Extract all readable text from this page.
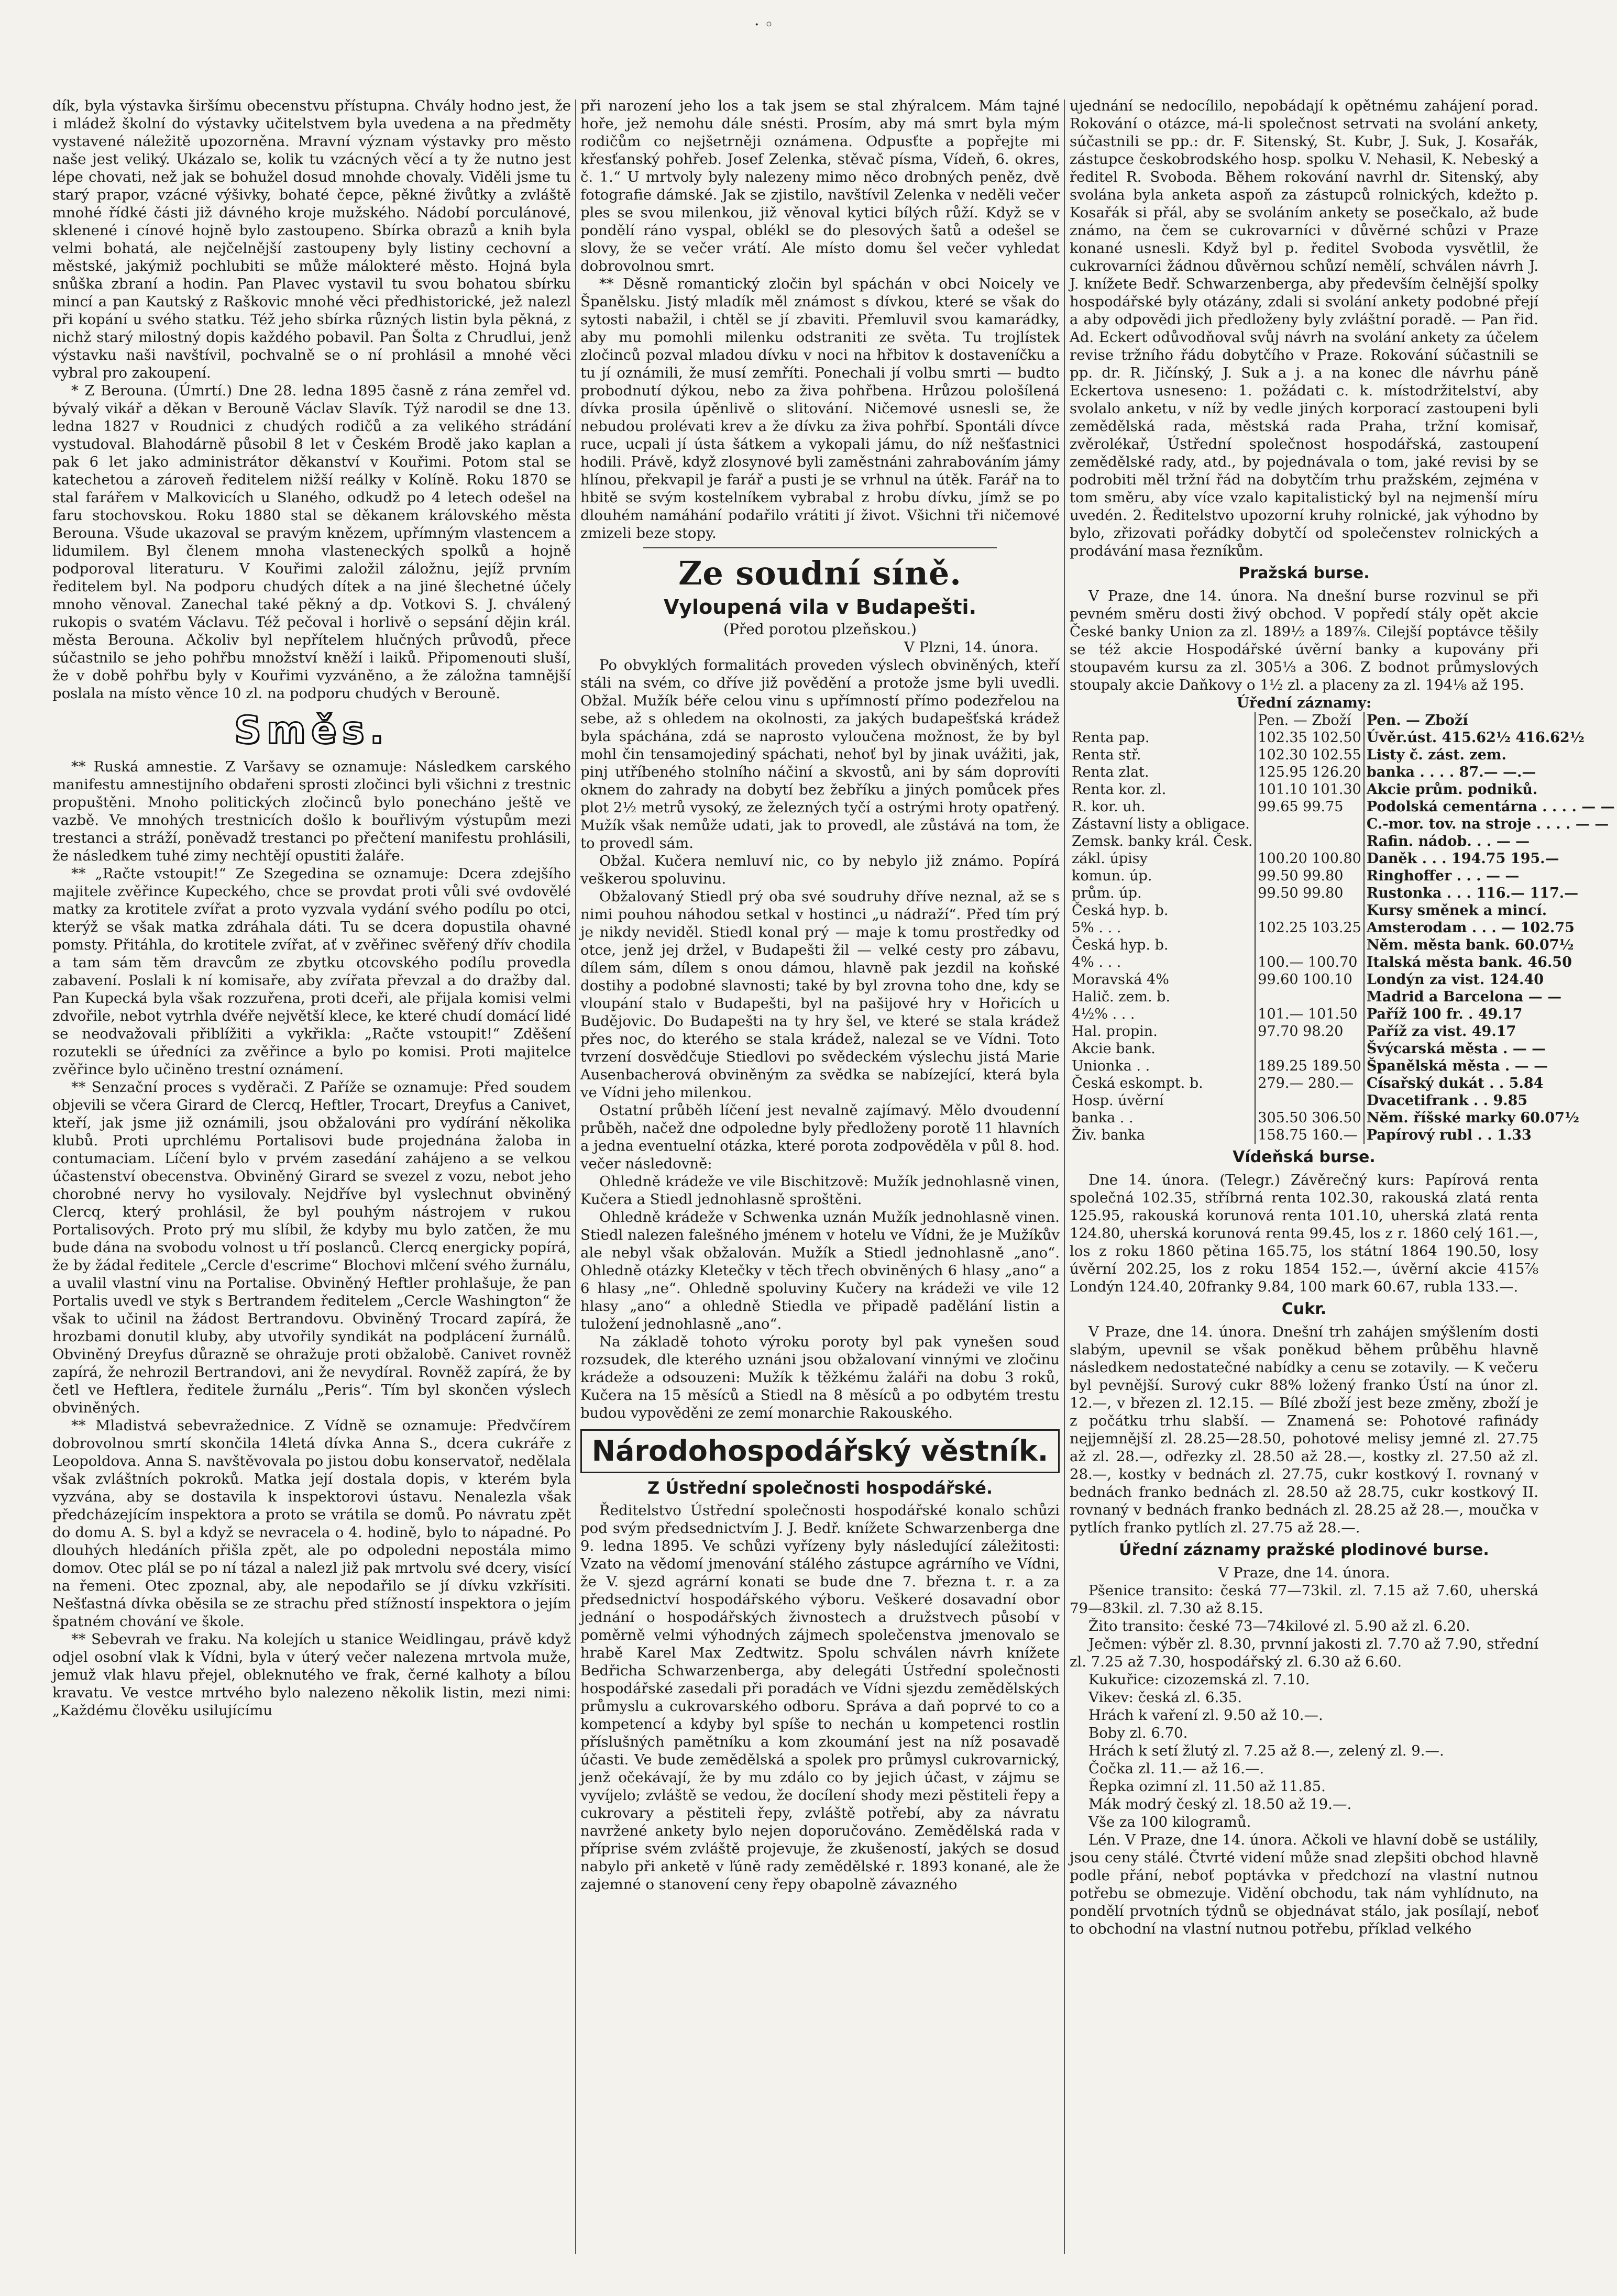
· ◦

dík, byla výstavka širšímu obecenstvu přístupna. Chvály hodno jest, že i mládež školní do výstavky učitelstvem byla uvedena a na předměty vystavené náležitě upozorněna. Mravní význam výstavky pro město naše jest veliký. Ukázalo se, kolik tu vzácných věcí a ty že nutno jest lépe chovati, než jak se bohužel dosud mnohde chovaly. Viděli jsme tu starý prapor, vzácné výšivky, bohaté čepce, pěkné živůtky a zvláště mnohé řídké části již dávného kroje mužského. Nádobí porculánové, sklenené i cínové hojně bylo zastoupeno. Sbírka obrazů a knih byla velmi bohatá, ale nejčelnější zastoupeny byly listiny cechovní a městské, jakýmiž pochlubiti se může málokteré město. Hojná byla snůška zbraní a hodin. Pan Plavec vystavil tu svou bohatou sbírku mincí a pan Kautský z Raškovic mnohé věci předhistorické, jež nalezl při kopání u svého statku. Též jeho sbírka různých listin byla pěkná, z nichž starý milostný dopis každého pobavil. Pan Šolta z Chrudlui, jenž výstavku naši navštívil, pochvalně se o ní prohlásil a mnohé věci vybral pro zakoupení.

* Z Berouna. (Úmrtí.) Dne 28. ledna 1895 časně z rána zemřel vd. bývalý vikář a děkan v Berouně Václav Slavík. Týž narodil se dne 13. ledna 1827 v Roudnici z chudých rodičů a za velikého strádání vystudoval. Blahodárně působil 8 let v Českém Brodě jako kaplan a pak 6 let jako administrátor děkanství v Kouřimi. Potom stal se katechetou a zároveň ředitelem nižší reálky v Kolíně. Roku 1870 se stal farářem v Malkovicích u Slaného, odkudž po 4 letech odešel na faru stochovskou. Roku 1880 stal se děkanem královského města Berouna. Všude ukazoval se pravým knězem, upřímným vlastencem a lidumilem. Byl členem mnoha vlasteneckých spolků a hojně podporoval literaturu. V Kouřimi založil záložnu, jejíž prvním ředitelem byl. Na podporu chudých dítek a na jiné šlechetné účely mnoho věnoval. Zanechal také pěkný a dp. Votkovi S. J. chválený rukopis o svatém Václavu. Též pečoval i horlivě o sepsání dějin král. města Berouna. Ačkoliv byl nepřítelem hlučných průvodů, přece súčastnilo se jeho pohřbu množství kněží i laiků. Připomenouti sluší, že v době pohřbu byly v Kouřimi vyzváněno, a že záložna tamnější poslala na místo věnce 10 zl. na podporu chudých v Berouně.

Směs.

** Ruská amnestie. Z Varšavy se oznamuje: Následkem carského manifestu amnestijního obdařeni sprosti zločinci byli všichni z trestnic propuštěni. Mnoho politických zločinců bylo ponecháno ještě ve vazbě. Ve mnohých trestnicích došlo k bouřlivým výstupům mezi trestanci a stráží, poněvadž trestanci po přečtení manifestu prohlásili, že následkem tuhé zimy nechtějí opustiti žaláře.

** „Račte vstoupit!“ Ze Szegedina se oznamuje: Dcera zdejšího majitele zvěřince Kupeckého, chce se provdat proti vůli své ovdovělé matky za krotitele zvířat a proto vyzvala vydání svého podílu po otci, kterýž se však matka zdráhala dáti. Tu se dcera dopustila ohavné pomsty. Přitáhla, do krotitele zvířat, ať v zvěřinec svěřený dřív chodila a tam sám těm dravcům ze zbytku otcovského podílu provedla zabavení. Poslali k ní komisaře, aby zvířata převzal a do dražby dal. Pan Kupecká byla však rozzuřena, proti dceři, ale přijala komisi velmi zdvořile, nebot vytrhla dvéře největší klece, ke které chudí domácí lidé se neodvažovali přiblížiti a vykřikla: „Račte vstoupit!“ Zděšení rozutekli se úředníci za zvěřince a bylo po komisi. Proti majitelce zvěřince bylo učiněno trestní oznámení.

** Senzační proces s vyděrači. Z Paříže se oznamuje: Před soudem objevili se včera Girard de Clercq, Heftler, Trocart, Dreyfus a Canivet, kteří, jak jsme již oznámili, jsou obžalováni pro vydírání několika klubů. Proti uprchlému Portalisovi bude projednána žaloba in contumaciam. Líčení bylo v prvém zasedání zahájeno a se velkou účastenství obecenstva. Obviněný Girard se svezel z vozu, nebot jeho chorobné nervy ho vysilovaly. Nejdříve byl vyslechnut obviněný Clercq, který prohlásil, že byl pouhým nástrojem v rukou Portalisových. Proto prý mu slíbil, že kdyby mu bylo zatčen, že mu bude dána na svobodu volnost u tří poslanců. Clercq energicky popírá, že by žádal ředitele „Cercle d'escrime“ Blochovi mlčení svého žurnálu, a uvalil vlastní vinu na Portalise. Obviněný Heftler prohlašuje, že pan Portalis uvedl ve styk s Bertrandem ředitelem „Cercle Washington“ že však to učinil na žádost Bertrandovu. Obviněný Trocard zapírá, že hrozbami donutil kluby, aby utvořily syndikát na podplácení žurnálů. Obviněný Dreyfus důrazně se ohražuje proti obžalobě. Canivet rovněž zapírá, že nehrozil Bertrandovi, ani že nevydíral. Rovněž zapírá, že by četl ve Heftlera, ředitele žurnálu „Peris“. Tím byl skončen výslech obviněných.

** Mladistvá sebevražednice. Z Vídně se oznamuje: Předvčírem dobrovolnou smrtí skončila 14letá dívka Anna S., dcera cukráře z Leopoldova. Anna S. navštěvovala po jistou dobu konservatoř, nedělala však zvláštních pokroků. Matka její dostala dopis, v kterém byla vyzvána, aby se dostavila k inspektorovi ústavu. Nenalezla však předcházejícím inspektora a proto se vrátila se domů. Po návratu zpět do domu A. S. byl a když se nevracela o 4. hodině, bylo to nápadné. Po dlouhých hledáních přišla zpět, ale po odpoledni nepostála mimo domov. Otec plál se po ní tázal a nalezl již pak mrtvolu své dcery, visící na řemeni. Otec zpoznal, aby, ale nepodařilo se jí dívku vzkřísiti. Nešťastná dívka oběsila se ze strachu před stížností inspektora o jejím špatném chování ve škole.

** Sebevrah ve fraku. Na kolejích u stanice Weidlingau, právě když odjel osobní vlak k Vídni, byla v úterý večer nalezena mrtvola muže, jemuž vlak hlavu přejel, obleknutého ve frak, černé kalhoty a bílou kravatu. Ve vestce mrtvého bylo nalezeno několik listin, mezi nimi: „Každému člověku usilujícímu

při narození jeho los a tak jsem se stal zhýralcem. Mám tajné hoře, jež nemohu dále snésti. Prosím, aby má smrt byla mým rodičům co nejšetrněji oznámena. Odpusťte a popřejte mi křesťanský pohřeb. Josef Zelenka, stěvač písma, Vídeň, 6. okres, č. 1.“ U mrtvoly byly nalezeny mimo něco drobných peněz, dvě fotografie dámské. Jak se zjistilo, navštívil Zelenka v neděli večer ples se svou milenkou, již věnoval kytici bílých růží. Když se v pondělí ráno vyspal, oblékl se do plesových šatů a odešel se slovy, že se večer vrátí. Ale místo domu šel večer vyhledat dobrovolnou smrt.

** Děsně romantický zločin byl spáchán v obci Noicely ve Španělsku. Jistý mladík měl známost s dívkou, které se však do sytosti nabažil, i chtěl se jí zbaviti. Přemluvil svou kamarádky, aby mu pomohli milenku odstraniti ze světa. Tu trojlístek zločinců pozval mladou dívku v noci na hřbitov k dostaveníčku a tu jí oznámili, že musí zemříti. Ponechali jí volbu smrti — budto probodnutí dýkou, nebo za živa pohřbena. Hrůzou pološílená dívka prosila úpěnlivě o slitování. Ničemové usnesli se, že nebudou prolévati krev a že dívku za živa pohřbí. Spontáli dívce ruce, ucpali jí ústa šátkem a vykopali jámu, do níž nešťastnici hodili. Právě, když zlosynové byli zaměstnáni zahrabováním jámy hlínou, překvapil je farář a pusti je se vrhnul na útěk. Farář na to hbitě se svým kostelníkem vybrabal z hrobu dívku, jímž se po dlouhém namáhání podařilo vrátiti jí život. Všichni tři ničemové zmizeli beze stopy.

Ze soudní síně.
Vyloupená vila v Budapešti.
(Před porotou plzeňskou.)
V Plzni, 14. února.

Po obvyklých formalitách proveden výslech obviněných, kteří stáli na svém, co dříve již povědění a protože jsme byli uvedli. Obžal. Mužík béře celou vinu s upřímností přímo podezřelou na sebe, až s ohledem na okolnosti, za jakých budapešťská krádež byla spáchána, zdá se naprosto vyloučena možnost, že by byl mohl čin tensamojediný spáchati, nehoť byl by jinak uvážiti, jak, pinj utříbeného stolního náčiní a skvostů, ani by sám doprovíti oknem do zahrady na dobytí bez žebříku a jiných pomůcek přes plot 2½ metrů vysoký, ze železných tyčí a ostrými hroty opatřený. Mužík však nemůže udati, jak to provedl, ale zůstává na tom, že to provedl sám.

Obžal. Kučera nemluví nic, co by nebylo již známo. Popírá veškerou spoluvinu.

Obžalovaný Stiedl prý oba své soudruhy dříve neznal, až se s nimi pouhou náhodou setkal v hostinci „u nádraží“. Před tím prý je nikdy neviděl. Stiedl konal prý — maje k tomu prostředky od otce, jenž jej držel, v Budapešti žil — velké cesty pro zábavu, dílem sám, dílem s onou dámou, hlavně pak jezdil na koňské dostihy a podobné slavnosti; také by byl zrovna toho dne, kdy se vloupání stalo v Budapešti, byl na pašijové hry v Hořicích u Budějovic. Do Budapešti na ty hry šel, ve které se stala krádež přes noc, do kterého se stala krádež, nalezal se ve Vídni. Toto tvrzení dosvědčuje Stiedlovi po svědeckém výslechu jistá Marie Ausenbacherová obviněným za svědka se nabízející, která byla ve Vídni jeho milenkou.

Ostatní průběh líčení jest nevalně zajímavý. Mělo dvoudenní průběh, načež dne odpoledne byly předloženy porotě 11 hlavních a jedna eventuelní otázka, které porota zodpověděla v půl 8. hod. večer následovně:

Ohledně krádeže ve vile Bischitzově: Mužík jednohlasně vinen, Kučera a Stiedl jednohlasně sproštěni.

Ohledně krádeže v Schwenka uznán Mužík jednohlasně vinen. Stiedl nalezen falešného jménem v hotelu ve Vídni, že je Mužíkův ale nebyl však obžalován. Mužík a Stiedl jednohlasně „ano“. Ohledně otázky Kletečky v těch třech obviněných 6 hlasy „ano“ a 6 hlasy „ne“. Ohledně spoluviny Kučery na krádeži ve vile 12 hlasy „ano“ a ohledně Stiedla ve připadě padělání listin a tuložení jednohlasně „ano“.

Na základě tohoto výroku poroty byl pak vynešen soud rozsudek, dle kterého uznáni jsou obžalovaní vinnými ve zločinu krádeže a odsouzeni: Mužík k těžkému žaláři na dobu 3 roků, Kučera na 15 měsíců a Stiedl na 8 měsíců a po odbytém trestu budou vypověděni ze zemí monarchie Rakouského.

Národohospodářský věstník.
Z Ústřední společnosti hospodářské.

Ředitelstvo Ústřední společnosti hospodářské konalo schůzi pod svým předsednictvím J. J. Bedř. knížete Schwarzenberga dne 9. ledna 1895. Ve schůzi vyřízeny byly následující záležitosti: Vzato na vědomí jmenování stálého zástupce agrárního ve Vídni, že V. sjezd agrární konati se bude dne 7. března t. r. a za předsednictví hospodářského výboru. Veškeré dosavadní obor jednání o hospodářských živnostech a družstvech působí v poměrně velmi výhodných zájmech společenstva jmenovalo se hrabě Karel Max Zedtwitz. Spolu schválen návrh knížete Bedřicha Schwarzenberga, aby delegáti Ústřední společnosti hospodářské zasedali při poradách ve Vídni sjezdu zemědělských průmyslu a cukrovarského odboru. Správa a daň poprvé to co a kompetencí a kdyby byl spíše to nechán u kompetenci rostlin příslušných pamětníku a kom zkoumání jest na níž posavadě účasti. Ve bude zemědělská a spolek pro průmysl cukrovarnický, jenž očekávají, že by mu zdálo co by jejich účast, v zájmu se vyvíjelo; zvláště se vedou, že docílení shody mezi pěstiteli řepy a cukrovary a pěstiteli řepy, zvláště potřebí, aby za návratu navržené ankety bylo nejen doporučováno. Zemědělská rada v příprise svém zvláště projevuje, že zkušeností, jakých se dosud nabylo při anketě v ľúně rady zemědělské r. 1893 konané, ale že zajemné o stanovení ceny řepy obapolně závazného

ujednání se nedocílilo, nepobádají k opětnému zahájení porad. Rokování o otázce, má-li společnost setrvati na svolání ankety, súčastnili se pp.: dr. F. Sitenský, St. Kubr, J. Suk, J. Kosařák, zástupce českobrodského hosp. spolku V. Nehasil, K. Nebeský a ředitel R. Svoboda. Během rokování navrhl dr. Sitenský, aby svolána byla anketa aspoň za zástupců rolnických, kdežto p. Kosařák si přál, aby se svoláním ankety se posečkalo, až bude známo, na čem se cukrovarníci v důvěrné schůzi v Praze konané usnesli. Když byl p. ředitel Svoboda vysvětlil, že cukrovarníci žádnou důvěrnou schůzí nemělí, schválen návrh J. J. knížete Bedř. Schwarzenberga, aby především čelnější spolky hospodářské byly otázány, zdali si svolání ankety podobné přejí a aby odpovědi jich předloženy byly zvláštní poradě. — Pan řid. Ad. Eckert odůvodňoval svůj návrh na svolání ankety za účelem revise tržního řádu dobytčího v Praze. Rokování súčastnili se pp. dr. R. Jičínský, J. Suk a j. a na konec dle návrhu páně Eckertova usneseno: 1. požádati c. k. místodržitelství, aby svolalo anketu, v níž by vedle jiných korporací zastoupeni byli zemědělská rada, městská rada Praha, tržní komisař, zvěrolékař, Ústřední společnost hospodářská, zastoupení zemědělské rady, atd., by pojednávala o tom, jaké revisi by se podrobiti měl tržní řád na dobytčím trhu pražském, zejména v tom směru, aby více vzalo kapitalistický byl na nejmenší míru uvedén. 2. Ředitelstvo upozorní kruhy rolnické, jak výhodno by bylo, zřizovati pořádky dobytčí od společenstev rolnických a prodávání masa řezníkům.

Pražská burse.

V Praze, dne 14. února. Na dnešní burse rozvinul se při pevném směru dosti živý obchod. V popředí stály opět akcie České banky Union za zl. 189½ a 189⅞. Cilejší poptávce těšily se též akcie Hospodářské úvěrní banky a kupovány při stoupavém kursu za zl. 305⅓ a 306. Z bodnot průmyslových stoupaly akcie Daňkovy o 1½ zl. a placeny za zl. 194⅛ až 195.

Úřední záznamy:
	Pen. — Zboží	Pen. — Zboží
Renta pap.	102.35 102.50	Úvěr.úst. 415.62½ 416.62½
Renta stř.	102.30 102.55	Listy č. zást. zem.
Renta zlat.	125.95 126.20	banka . . . . 87.— —.—
Renta kor. zl.	101.10 101.30	Akcie prům. podniků.
R. kor. uh.	99.65 99.75	Podolská cementárna . . . . — —
Zástavní listy a obligace.		C.-mor. tov. na stroje . . . . — —
Zemsk. banky král. Česk.		Rafin. nádob. . . — —
zákl. úpisy	100.20 100.80	Daněk . . . 194.75 195.—
komun. úp.	99.50 99.80	Ringhoffer . . . — —
prům. úp.	99.50 99.80	Rustonka . . . 116.— 117.—
Česká hyp. b.		Kursy směnek a mincí.
5% . . .	102.25 103.25	Amsterodam . . . — 102.75
Česká hyp. b.		Něm. města bank. 60.07½
4% . . .	100.— 100.70	Italská města bank. 46.50
Moravská 4%	99.60 100.10	Londýn za vist. 124.40
Halič. zem. b.		Madrid a Barcelona — —
4½% . . .	101.— 101.50	Paříž 100 fr. . 49.17
Hal. propin.	97.70 98.20	Paříž za vist. 49.17
Akcie bank.		Švýcarská města . — —
Unionka . .	189.25 189.50	Španělská města . — —
Česká eskompt. b.	279.— 280.—	Císařský dukát . . 5.84
Hosp. úvěrní		Dvacetifrank . . 9.85
banka . .	305.50 306.50	Něm. říšské marky 60.07½
Živ. banka	158.75 160.—	Papírový rubl . . 1.33
Vídeňská burse.

Dne 14. února. (Telegr.) Závěrečný kurs: Papírová renta společná 102.35, stříbrná renta 102.30, rakouská zlatá renta 125.95, rakouská korunová renta 101.10, uherská zlatá renta 124.80, uherská korunová renta 99.45, los z r. 1860 celý 161.—, los z roku 1860 pětina 165.75, los státní 1864 190.50, losy úvěrní 202.25, los z roku 1854 152.—, úvěrní akcie 415⅞ Londýn 124.40, 20franky 9.84, 100 mark 60.67, rubla 133.—.

Cukr.

V Praze, dne 14. února. Dnešní trh zahájen smýšlením dosti slabým, upevnil se však poněkud během průběhu hlavně následkem nedostatečné nabídky a cenu se zotavily. — K večeru byl pevnější. Surový cukr 88% ložený franko Ústí na únor zl. 12.—, v březen zl. 12.15. — Bílé zboží jest beze změny, zboží je z počátku trhu slabší. — Znamená se: Pohotové rafinády nejjemnější zl. 28.25—28.50, pohotové melisy jemné zl. 27.75 až zl. 28.—, odřezky zl. 28.50 až 28.—, kostky zl. 27.50 až zl. 28.—, kostky v bednách zl. 27.75, cukr kostkový I. rovnaný v bednách franko bednách zl. 28.50 až 28.75, cukr kostkový II. rovnaný v bednách franko bednách zl. 28.25 až 28.—, moučka v pytlích franko pytlích zl. 27.75 až 28.—.

Úřední záznamy pražské plodinové burse.
V Praze, dne 14. února.

Pšenice transito: česká 77—73kil. zl. 7.15 až 7.60, uherská 79—83kil. zl. 7.30 až 8.15.

Žito transito: české 73—74kilové zl. 5.90 až zl. 6.20.

Ječmen: výběr zl. 8.30, prvnní jakosti zl. 7.70 až 7.90, střední zl. 7.25 až 7.30, hospodářský zl. 6.30 až 6.60.

Kukuřice: cizozemská zl. 7.10.

Vikev: česká zl. 6.35.

Hrách k vaření zl. 9.50 až 10.—.

Boby zl. 6.70.

Hrách k setí žlutý zl. 7.25 až 8.—, zelený zl. 9.—.

Čočka zl. 11.— až 16.—.

Řepka ozimní zl. 11.50 až 11.85.

Mák modrý český zl. 18.50 až 19.—.

Vše za 100 kilogramů.

Lén. V Praze, dne 14. února. Ačkoli ve hlavní době se ustálily, jsou ceny stálé. Čtvrté videní může snad zlepšiti obchod hlavně podle přání, neboť poptávka v předchozí na vlastní nutnou potřebu se obmezuje. Vidění obchodu, tak nám vyhlídnuto, na pondělí prvotních týdnů se objednávat stálo, jak posílají, neboť to obchodní na vlastní nutnou potřebu, příklad velkého
